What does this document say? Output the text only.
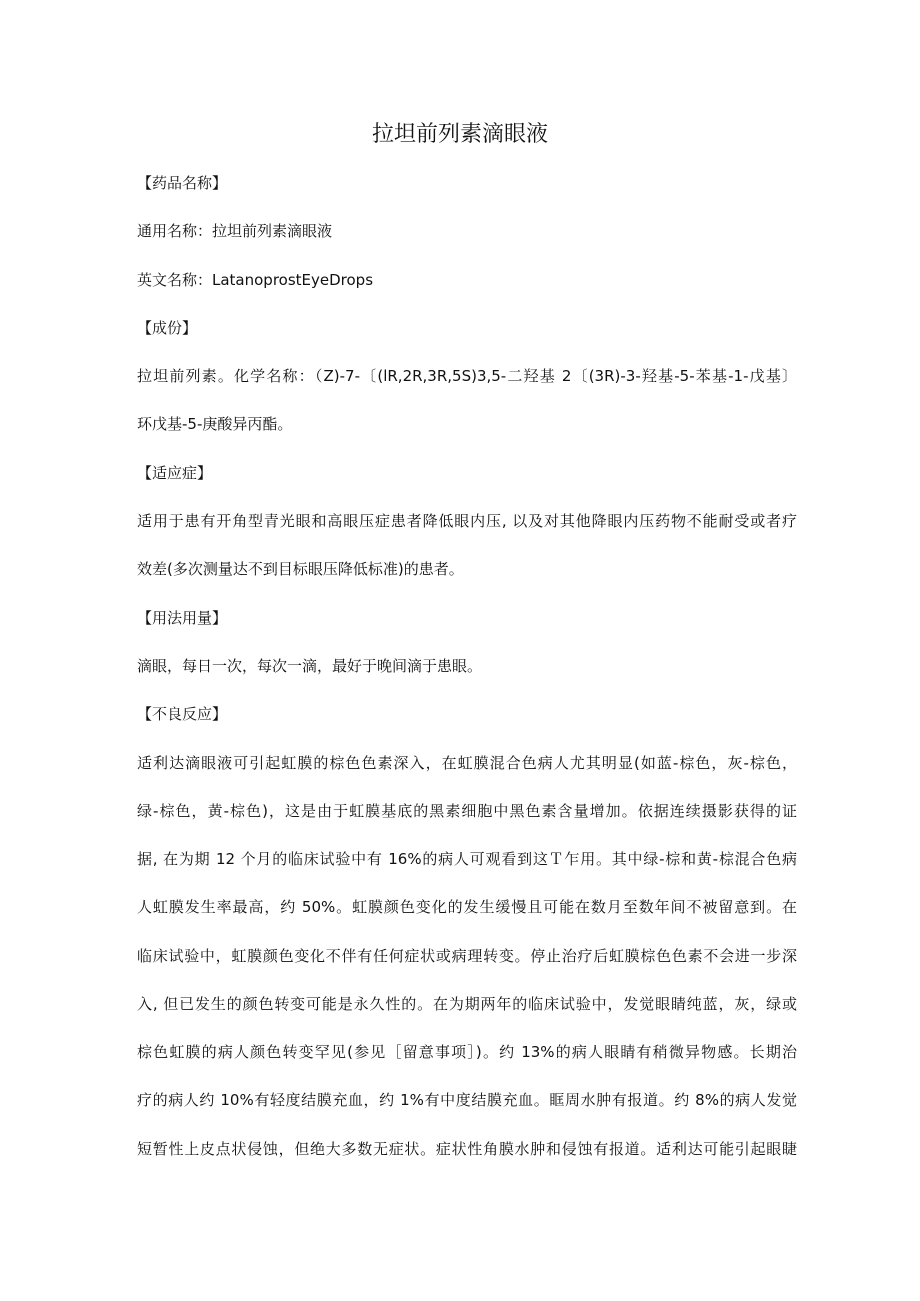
拉坦前列素滴眼液

【药品名称】

通用名称：拉坦前列素滴眼液

英文名称：LatanoprostEyeDrops

【成份】

拉坦前列素。化学名称：（Z)-7-〔(lR,2R,3R,5S)3,5-二羟基 2〔(3R)-3-羟基-5-苯基-1-戊基〕

环戊基-5-庚酸异丙酯。

【适应症】

适用于患有开角型青光眼和高眼压症患者降低眼内压, 以及对其他降眼内压药物不能耐受或者疗

效差(多次测量达不到目标眼压降低标准)的患者。

【用法用量】

滴眼，每日一次，每次一滴，最好于晚间滴于患眼。

【不良反应】

适利达滴眼液可引起虹膜的棕色色素深入，在虹膜混合色病人尤其明显(如蓝-棕色，灰-棕色，

绿-棕色，黄-棕色)，这是由于虹膜基底的黑素细胞中黑色素含量增加。依据连续摄影获得的证

据, 在为期 12 个月的临床试验中有 16%的病人可观看到这Ｔ乍用。其中绿-棕和黄-棕混合色病

人虹膜发生率最高，约 50%。虹膜颜色变化的发生缓慢且可能在数月至数年间不被留意到。在

临床试验中，虹膜颜色变化不伴有任何症状或病理转变。停止治疗后虹膜棕色色素不会进一步深

入, 但已发生的颜色转变可能是永久性的。在为期两年的临床试验中，发觉眼睛纯蓝，灰，绿或

棕色虹膜的病人颜色转变罕见(参见［留意事项］)。约 13%的病人眼睛有稍微异物感。长期治

疗的病人约 10%有轻度结膜充血，约 1%有中度结膜充血。眶周水肿有报道。约 8%的病人发觉

短暂性上皮点状侵蚀，但绝大多数无症状。症状性角膜水肿和侵蚀有报道。适利达可能引起眼睫
